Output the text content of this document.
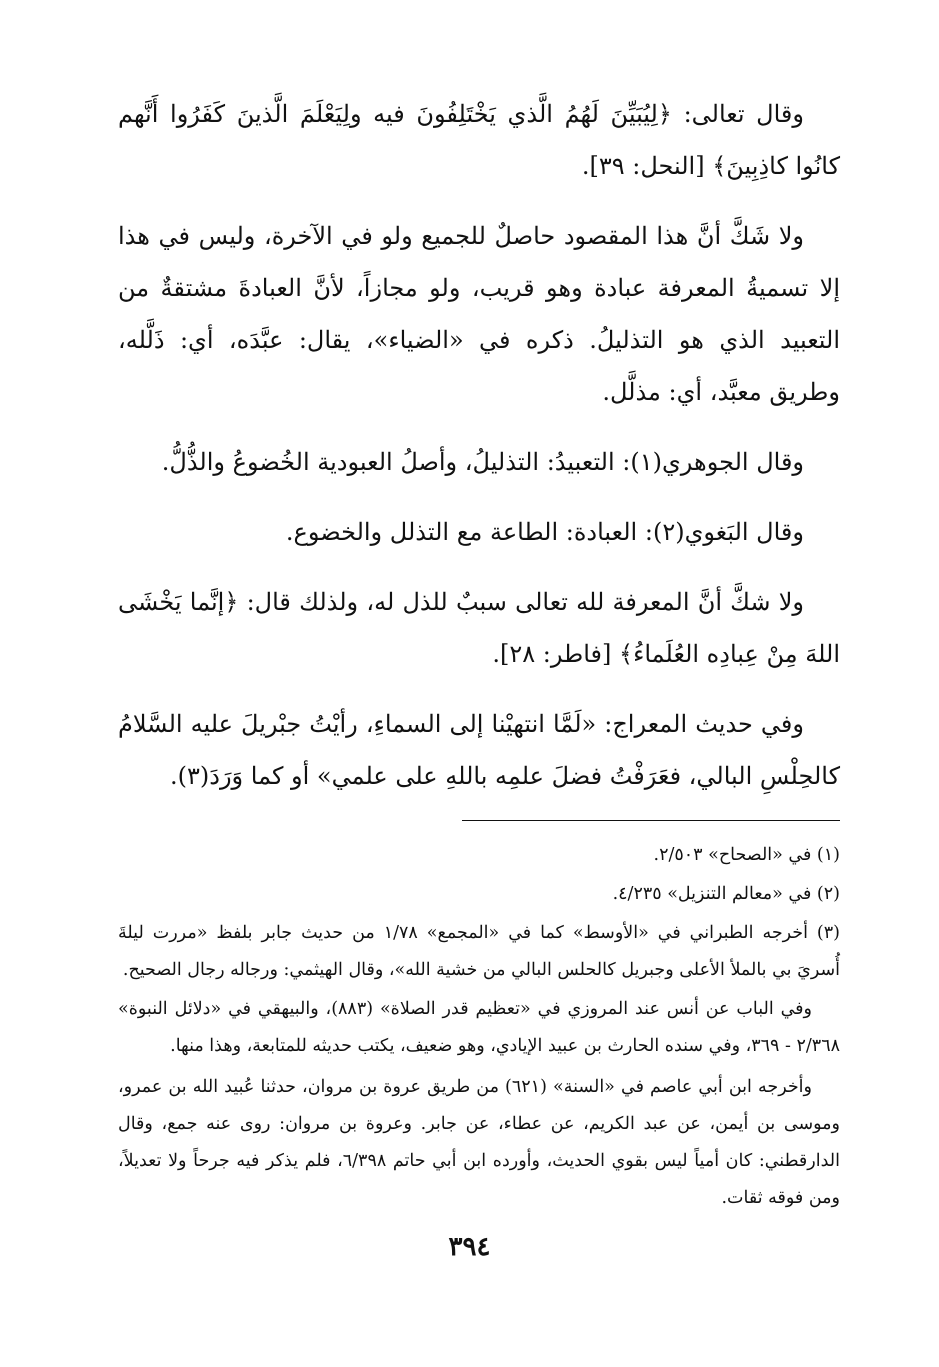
وقال تعالى: ﴿لِيُبَيِّنَ لَهُمُ الَّذي يَخْتَلِفُونَ فيه ولِيَعْلَمَ الَّذينَ كَفَرُوا أَنَّهم كانُوا كاذِبِينَ﴾ [النحل: ٣٩].

ولا شَكَّ أنَّ هذا المقصود حاصلٌ للجميع ولو في الآخرة، وليس في هذا إلا تسميةُ المعرفة عبادة وهو قريب، ولو مجازاً، لأنَّ العبادةَ مشتقةٌ من التعبيد الذي هو التذليلُ. ذكره في «الضياء»، يقال: عبَّدَه، أي: ذَلَّله، وطريق معبَّد، أي: مذلَّل.

وقال الجوهري(١): التعبيدُ: التذليلُ، وأصلُ العبودية الخُضوعُ والذُّلُّ.

وقال البَغوي(٢): العبادة: الطاعة مع التذلل والخضوع.

ولا شكَّ أنَّ المعرفة لله تعالى سببٌ للذل له، ولذلك قال: ﴿إنَّما يَخْشَى اللهَ مِنْ عِبادِه العُلَماءُ﴾ [فاطر: ٢٨].

وفي حديث المعراج: «لَمَّا انتهيْنا إلى السماءِ، رأيْتُ جبْريلَ عليه السَّلامُ كالحِلْسِ البالي، فعَرَفْتُ فضلَ علمِه باللهِ على علمي» أو كما وَرَدَ(٣).

(١) في «الصحاح» ٢/٥٠٣.

(٢) في «معالم التنزيل» ٤/٢٣٥.

(٣) أخرجه الطبراني في «الأوسط» كما في «المجمع» ١/٧٨ من حديث جابر بلفظ «مررت ليلةَ أُسريَ بي بالملأ الأعلى وجبريل كالحلس البالي من خشية الله»، وقال الهيثمي: ورجاله رجال الصحيح.

وفي الباب عن أنس عند المروزي في «تعظيم قدر الصلاة» (٨٨٣)، والبيهقي في «دلائل النبوة» ٢/٣٦٨ - ٣٦٩، وفي سنده الحارث بن عبيد الإيادي، وهو ضعيف، يكتب حديثه للمتابعة، وهذا منها.

وأخرجه ابن أبي عاصم في «السنة» (٦٢١) من طريق عروة بن مروان، حدثنا عُبيد الله بن عمرو، وموسى بن أيمن، عن عبد الكريم، عن عطاء، عن جابر. وعروة بن مروان: روى عنه جمع، وقال الدارقطني: كان أمياً ليس بقوي الحديث، وأورده ابن أبي حاتم ٦/٣٩٨، فلم يذكر فيه جرحاً ولا تعديلاً، ومن فوقه ثقات.

٣٩٤
